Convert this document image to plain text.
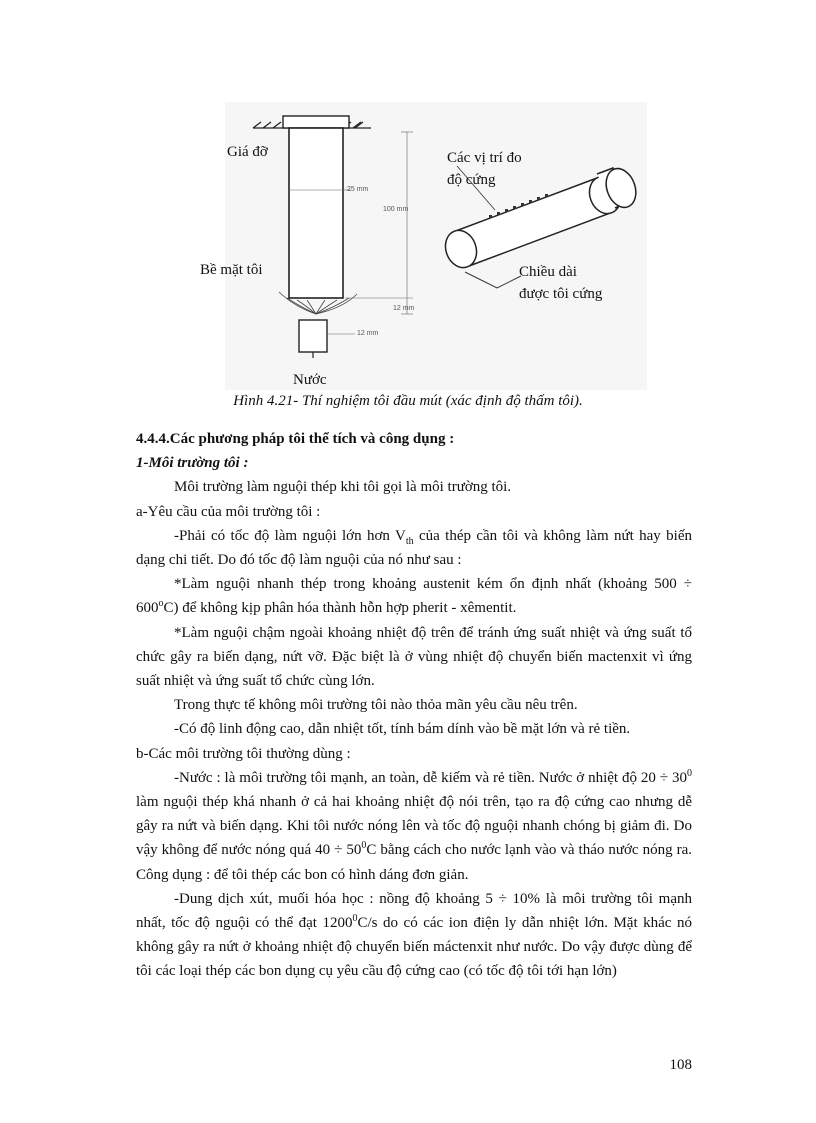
Giá đỡ
Bề mặt tôi
Nước
Các vị trí đo
độ cứng
Chiều dài
được tôi cứng
25 mm
100 mm
12 mm
12 mm
Hình 4.21- Thí nghiệm tôi đầu mút (xác định độ thấm tôi).

4.4.4.Các phương pháp tôi thể tích và công dụng :

1-Môi trường tôi :

Môi trường làm nguội thép khi tôi gọi là môi trường tôi.

a-Yêu cầu của môi trường tôi :

-Phải có tốc độ làm nguội lớn hơn $V_{th}$ của thép cần tôi và không làm nứt hay biến dạng chi tiết. Do đó tốc độ làm nguội của nó như sau :

*Làm nguội nhanh thép trong khoảng austenit kém ổn định nhất (khoảng $500 \div 600^oC$) để không kịp phân hóa thành hỗn hợp pherit - xêmentit.

*Làm nguội chậm ngoài khoảng nhiệt độ trên để tránh ứng suất nhiệt và ứng suất tổ chức gây ra biến dạng, nứt vỡ. Đặc biệt là ở vùng nhiệt độ chuyển biến mactenxit vì ứng suất nhiệt và ứng suất tổ chức cùng lớn.

Trong thực tế không môi trường tôi nào thỏa mãn yêu cầu nêu trên.

-Có độ linh động cao, dẫn nhiệt tốt, tính bám dính vào bề mặt lớn và rẻ tiền.

b-Các môi trường tôi thường dùng :

-Nước : là môi trường tôi mạnh, an toàn, dễ kiếm và rẻ tiền. Nước ở nhiệt độ $20 \div 30^0$ làm nguội thép khá nhanh ở cả hai khoảng nhiệt độ nói trên, tạo ra độ cứng cao nhưng dễ gây ra nứt và biến dạng. Khi tôi nước nóng lên và tốc độ nguội nhanh chóng bị giảm đi. Do vậy không để nước nóng quá $40 \div 50^0C$ bằng cách cho nước lạnh vào và tháo nước nóng ra. Công dụng : để tôi thép các bon có hình dáng đơn giản.

-Dung dịch xút, muối hóa học : nồng độ khoảng 5 ÷ 10% là môi trường tôi mạnh nhất, tốc độ nguội có thể đạt 1200$^0$C/s do có các ion điện ly dẫn nhiệt lớn. Mặt khác nó không gây ra nứt ở khoảng nhiệt độ chuyển biến máctenxit như nước. Do vậy được dùng để tôi các loại thép các bon dụng cụ yêu cầu độ cứng cao (có tốc độ tôi tới hạn lớn)

108
